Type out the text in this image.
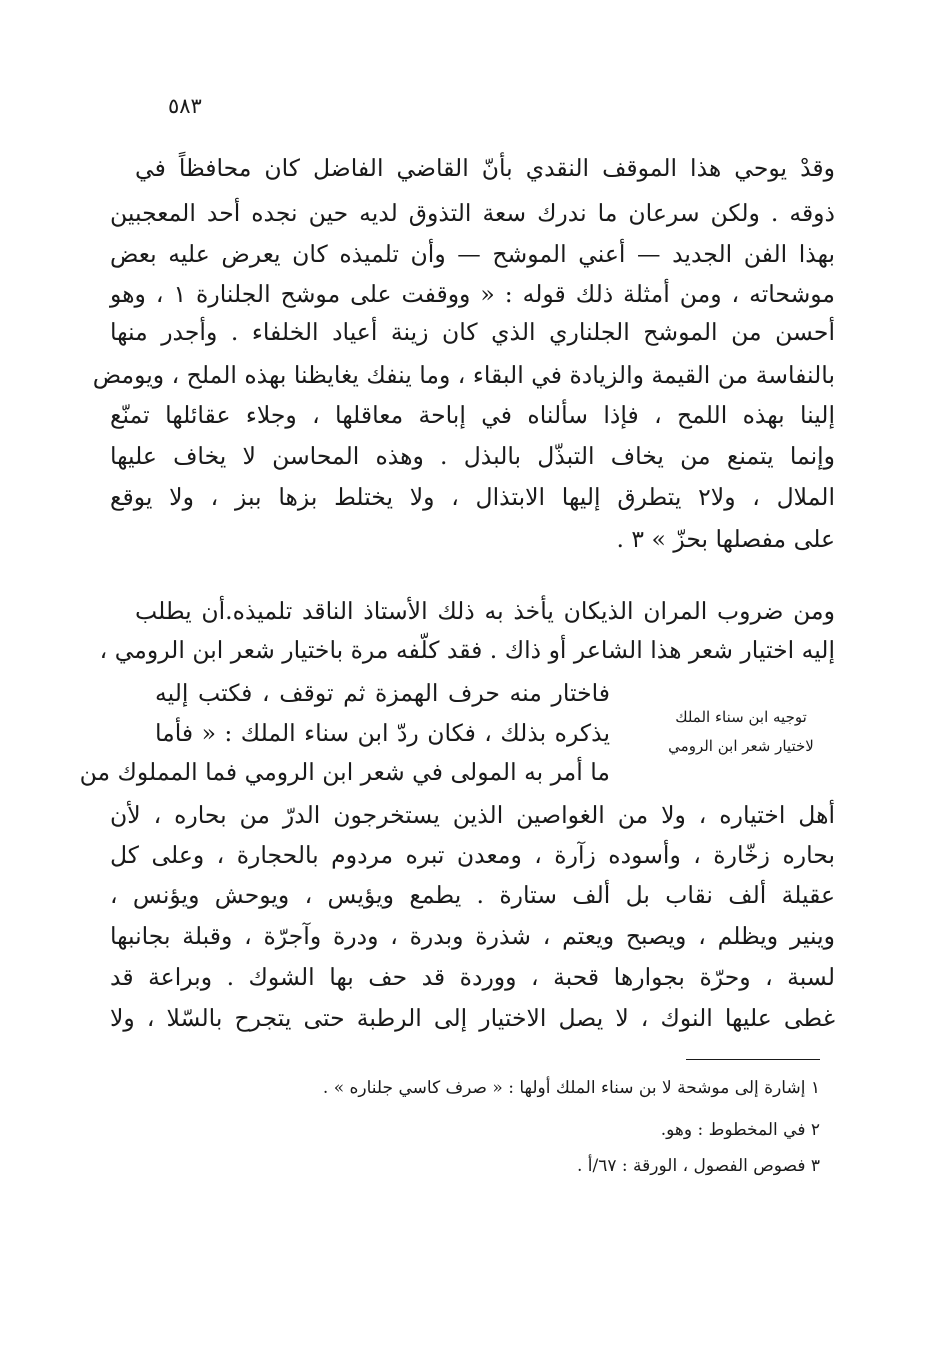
٥٨٣
وقدْ يوحي هذا الموقف النقدي بأنّ القاضي الفاضل كان محافظاً في
ذوقه . ولكن سرعان ما ندرك سعة التذوق لديه حين نجده أحد المعجبين
بهذا الفن الجديد — أعني الموشح — وأن تلميذه كان يعرض عليه بعض
موشحاته ، ومن أمثلة ذلك قوله : « ووقفت على موشح الجلنارة ١ ، وهو
أحسن من الموشح الجلناري الذي كان زينة أعياد الخلفاء . وأجدر منها
بالنفاسة من القيمة والزيادة في البقاء ، وما ينفك يغايظنا بهذه الملح ، ويومض
إلينا بهذه اللمح ، فإذا سألناه في إباحة معاقلها ، وجلاء عقائلها تمنّع
وإنما يتمنع من يخاف التبذّل بالبذل . وهذه المحاسن لا يخاف عليها
الملال ، ولا٢ يتطرق إليها الابتذال ، ولا يختلط بزها ببز ، ولا يوقع
على مفصلها بحزّ » ٣ .
ومن ضروب المران الذيكان يأخذ به ذلك الأستاذ الناقد تلميذه.أن يطلب
إليه اختيار شعر هذا الشاعر أو ذاك . فقد كلّفه مرة باختيار شعر ابن الرومي ،
فاختار منه حرف الهمزة ثم توقف ، فكتب إليه
يذكره بذلك ، فكان ردّ ابن سناء الملك : « فأما
ما أمر به المولى في شعر ابن الرومي فما المملوك من
أهل اختياره ، ولا من الغواصين الذين يستخرجون الدرّ من بحاره ، لأن
بحاره زخّارة ، وأسوده زآرة ، ومعدن تبره مردوم بالحجارة ، وعلى كل
عقيلة ألف نقاب بل ألف ستارة . يطمع ويؤيس ، ويوحش ويؤنس ،
وينير ويظلم ، ويصبح ويعتم ، شذرة وبدرة ، ودرة وآجرّة ، وقبلة بجانبها
لسبة ، وحرّة بجوارها قحبة ، ووردة قد حف بها الشوك . وبراعة قد
غطى عليها النوك ، لا يصل الاختيار إلى الرطبة حتى يتجرح بالسّلا ، ولا
توجيه ابن سناء الملك
لاختيار شعر ابن الرومي
١ إشارة إلى موشحة لا بن سناء الملك أولها : « صرف كاسي جلناره » .
٢ في المخطوط : وهو.
٣ فصوص الفصول ، الورقة : ٦٧/أ .
